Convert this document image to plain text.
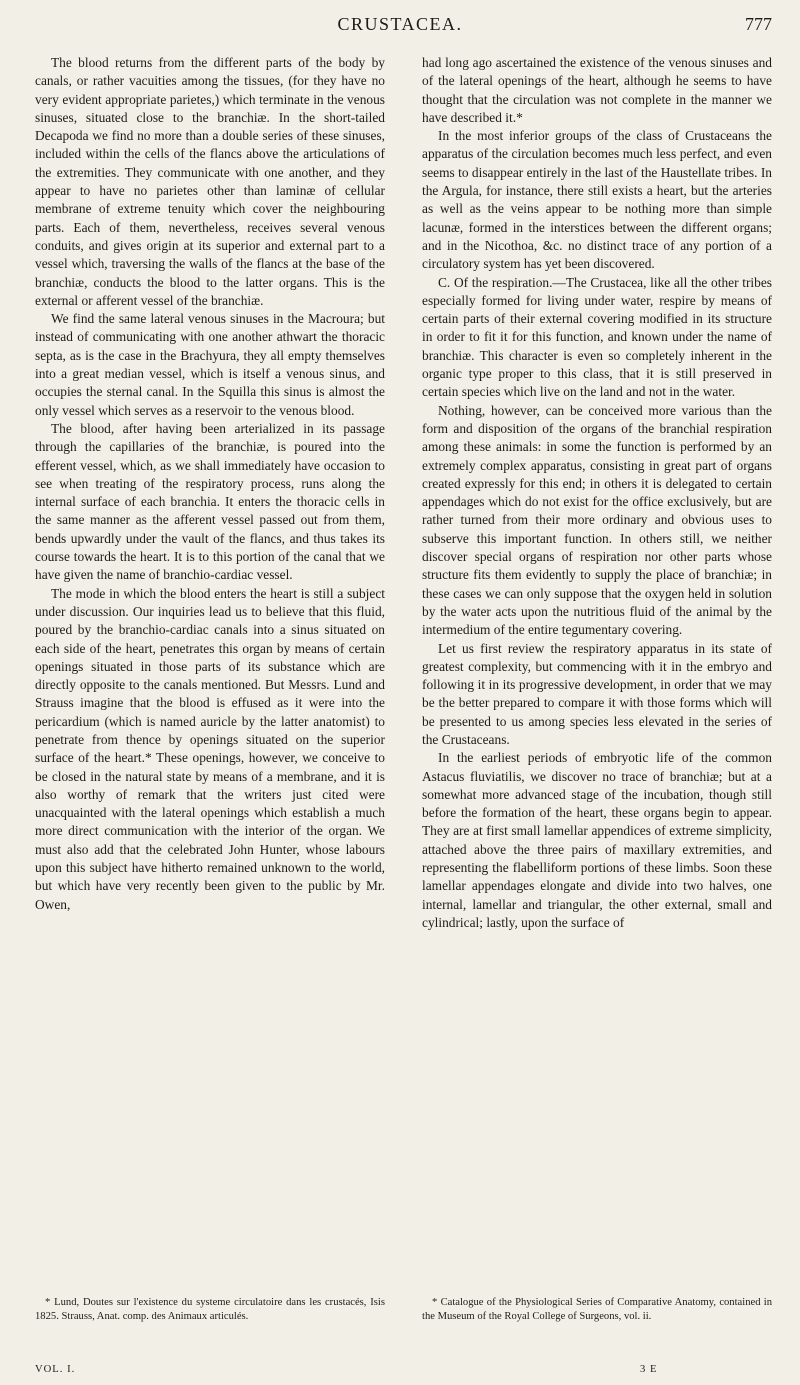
CRUSTACEA.	777

The blood returns from the different parts of the body by canals, or rather vacuities among the tissues, (for they have no very evident appropriate parietes,) which terminate in the venous sinuses, situated close to the branchiæ. In the short-tailed Decapoda we find no more than a double series of these sinuses, included within the cells of the flancs above the articulations of the extremities. They communicate with one another, and they appear to have no parietes other than laminæ of cellular membrane of extreme tenuity which cover the neighbouring parts. Each of them, nevertheless, receives several venous conduits, and gives origin at its superior and external part to a vessel which, traversing the walls of the flancs at the base of the branchiæ, conducts the blood to the latter organs. This is the external or afferent vessel of the branchiæ.

We find the same lateral venous sinuses in the Macroura; but instead of communicating with one another athwart the thoracic septa, as is the case in the Brachyura, they all empty themselves into a great median vessel, which is itself a venous sinus, and occupies the sternal canal. In the Squilla this sinus is almost the only vessel which serves as a reservoir to the venous blood.

The blood, after having been arterialized in its passage through the capillaries of the branchiæ, is poured into the efferent vessel, which, as we shall immediately have occasion to see when treating of the respiratory process, runs along the internal surface of each branchia. It enters the thoracic cells in the same manner as the afferent vessel passed out from them, bends upwardly under the vault of the flancs, and thus takes its course towards the heart. It is to this portion of the canal that we have given the name of branchio-cardiac vessel.

The mode in which the blood enters the heart is still a subject under discussion. Our inquiries lead us to believe that this fluid, poured by the branchio-cardiac canals into a sinus situated on each side of the heart, penetrates this organ by means of certain openings situated in those parts of its substance which are directly opposite to the canals mentioned. But Messrs. Lund and Strauss imagine that the blood is effused as it were into the pericardium (which is named auricle by the latter anatomist) to penetrate from thence by openings situated on the superior surface of the heart.* These openings, however, we conceive to be closed in the natural state by means of a membrane, and it is also worthy of remark that the writers just cited were unacquainted with the lateral openings which establish a much more direct communication with the interior of the organ. We must also add that the celebrated John Hunter, whose labours upon this subject have hitherto remained unknown to the world, but which have very recently been given to the public by Mr. Owen,

had long ago ascertained the existence of the venous sinuses and of the lateral openings of the heart, although he seems to have thought that the circulation was not complete in the manner we have described it.*

In the most inferior groups of the class of Crustaceans the apparatus of the circulation becomes much less perfect, and even seems to disappear entirely in the last of the Haustellate tribes. In the Argula, for instance, there still exists a heart, but the arteries as well as the veins appear to be nothing more than simple lacunæ, formed in the interstices between the different organs; and in the Nicothoa, &c. no distinct trace of any portion of a circulatory system has yet been discovered.

C. Of the respiration.—The Crustacea, like all the other tribes especially formed for living under water, respire by means of certain parts of their external covering modified in its structure in order to fit it for this function, and known under the name of branchiæ. This character is even so completely inherent in the organic type proper to this class, that it is still preserved in certain species which live on the land and not in the water.

Nothing, however, can be conceived more various than the form and disposition of the organs of the branchial respiration among these animals: in some the function is performed by an extremely complex apparatus, consisting in great part of organs created expressly for this end; in others it is delegated to certain appendages which do not exist for the office exclusively, but are rather turned from their more ordinary and obvious uses to subserve this important function. In others still, we neither discover special organs of respiration nor other parts whose structure fits them evidently to supply the place of branchiæ; in these cases we can only suppose that the oxygen held in solution by the water acts upon the nutritious fluid of the animal by the intermedium of the entire tegumentary covering.

Let us first review the respiratory apparatus in its state of greatest complexity, but commencing with it in the embryo and following it in its progressive development, in order that we may be the better prepared to compare it with those forms which will be presented to us among species less elevated in the series of the Crustaceans.

In the earliest periods of embryotic life of the common Astacus fluviatilis, we discover no trace of branchiæ; but at a somewhat more advanced stage of the incubation, though still before the formation of the heart, these organs begin to appear. They are at first small lamellar appendices of extreme simplicity, attached above the three pairs of maxillary extremities, and representing the flabelliform portions of these limbs. Soon these lamellar appendages elongate and divide into two halves, one internal, lamellar and triangular, the other external, small and cylindrical; lastly, upon the surface of

* Lund, Doutes sur l'existence du systeme circulatoire dans les crustacés, Isis 1825. Strauss, Anat. comp. des Animaux articulés.

* Catalogue of the Physiological Series of Comparative Anatomy, contained in the Museum of the Royal College of Surgeons, vol. ii.

VOL. I.	3 E
